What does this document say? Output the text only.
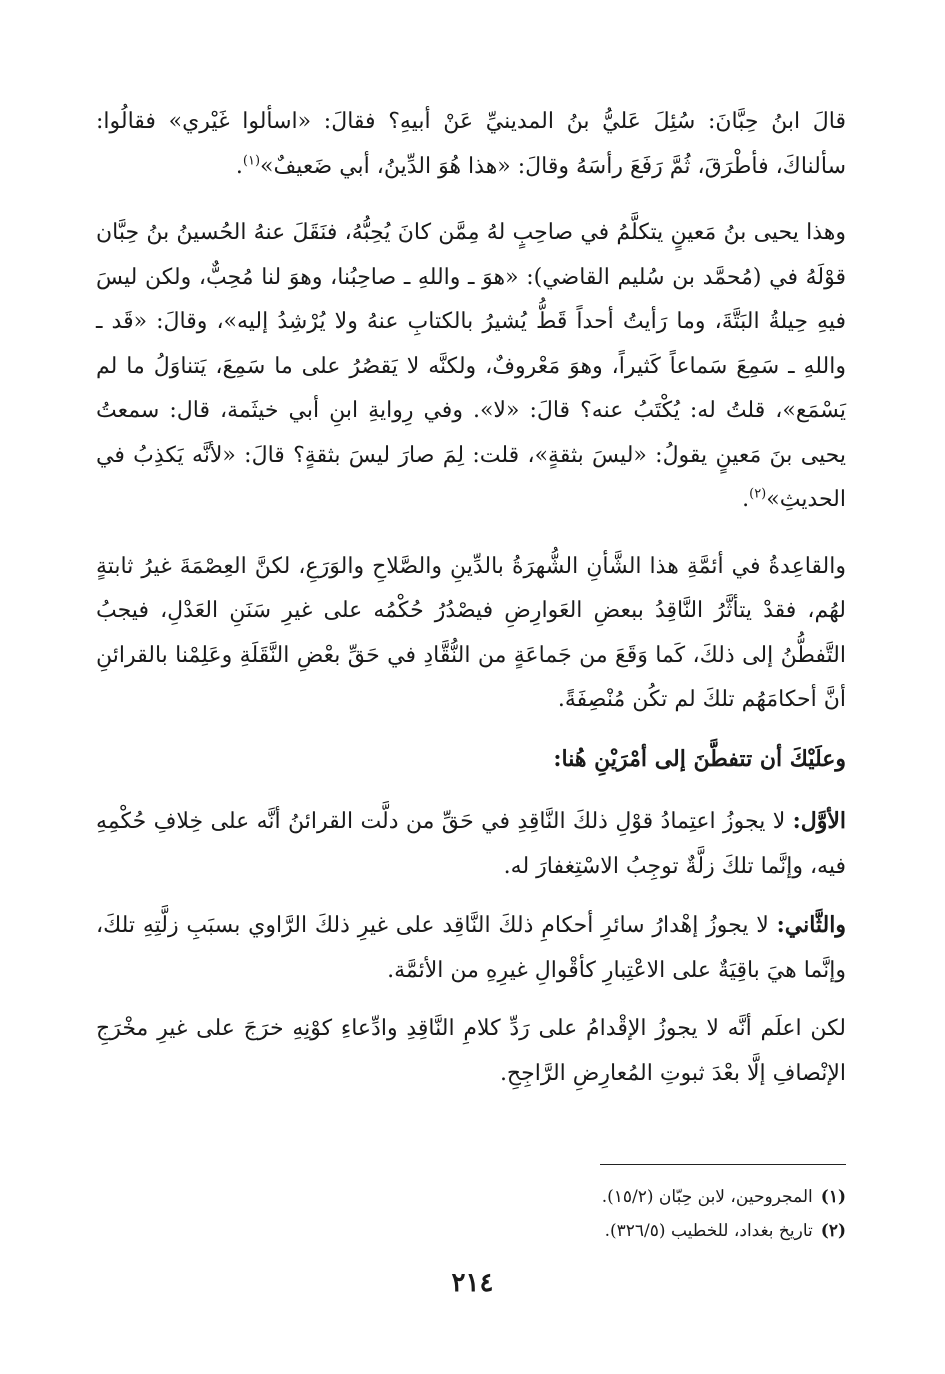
قالَ ابنُ حِبَّانَ: سُئِلَ عَليُّ بنُ المدينيِّ عَنْ أبيهِ؟ فقالَ: «اسألوا غَيْري» فقالُوا: سألناكَ، فأطْرَقَ، ثُمَّ رَفَعَ رأسَهُ وقالَ: «هذا هُوَ الدِّينُ، أبي ضَعيفٌ»$^{(١)}$.

وهذا يحيى بنُ مَعينٍ يتكلَّمُ في صاحِبٍ لهُ مِمَّن كانَ يُحِبُّهُ، فنَقَلَ عنهُ الحُسينُ بنُ حِبَّان قوْلَهُ في (مُحمَّد بن سُليم القاضي): «هوَ ـ واللهِ ـ صاحِبُنا، وهوَ لنا مُحِبٌّ، ولكن ليسَ فيهِ حِيلةُ البَتَّةَ، وما رَأيتُ أحداً قَطُّ يُشيرُ بالكتابِ عنهُ ولا يُرْشِدُ إليه»، وقالَ: «قَد ـ واللهِ ـ سَمِعَ سَماعاً كَثيراً، وهوَ مَعْروفٌ، ولكنَّه لا يَقصُرُ على ما سَمِعَ، يَتناوَلُ ما لم يَسْمَع»، قلتُ له: يُكْتَبُ عنه؟ قالَ: «لا». وفي رِوايةِ ابنِ أبي خيثَمة، قال: سمعتُ يحيى بنَ مَعينٍ يقولُ: «ليسَ بثقةٍ»، قلت: لِمَ صارَ ليسَ بثقةٍ؟ قالَ: «لأنَّه يَكذِبُ في الحديثِ»$^{(٢)}$.

والقاعِدةُ في أئمَّةِ هذا الشَّأنِ الشُّهرَةُ بالدِّينِ والصَّلاحِ والوَرَعِ، لكنَّ العِصْمَةَ غيرُ ثابتةٍ لهُم، فقدْ يتأثَّرُ النَّاقِدُ ببعضِ العَوارِضِ فيصْدُرُ حُكْمُه على غيرِ سَنَنِ العَدْلِ، فيجبُ التَّفطُّنُ إلى ذلكَ، كَما وَقَعَ من جَماعَةٍ من النُّقَّادِ في حَقِّ بعْضِ النَّقَلَةِ وعَلِمْنا بالقرائنِ أنَّ أحكامَهُم تلكَ لم تكُن مُنْصِفَةً.

وعلَيْكَ أن تتفطَّنَ إلى أمْرَيْنِ هُنا:

الأوَّل: لا يجوزُ اعتِمادُ قوْلِ ذلكَ النَّاقِدِ في حَقِّ من دلَّت القرائنُ أنَّه على خِلافِ حُكْمِهِ فيه، وإنَّما تلكَ زلَّةٌ توجِبُ الاسْتِغفارَ له.

والثَّاني: لا يجوزُ إهْدارُ سائرِ أحكامِ ذلكَ النَّاقِد على غيرِ ذلكَ الرَّاوي بسبَبِ زلَّتِهِ تلكَ، وإنَّما هيَ باقِيَةٌ على الاعْتِبارِ كأقْوالِ غيرِهِ من الأئمَّة.

لكن اعلَم أنَّه لا يجوزُ الإقْدامُ على رَدِّ كلامِ النَّاقِدِ وادِّعاءِ كوْنِهِ خرَجَ على غيرِ مخْرَجِ الإنْصافِ إلَّا بعْدَ ثبوتِ المُعارِضِ الرَّاجِحِ.

(١)المجروحين، لابن حِبّان (١٥/٢).
(٢)تاريخ بغداد، للخطيب (٣٢٦/٥).
٢١٤
